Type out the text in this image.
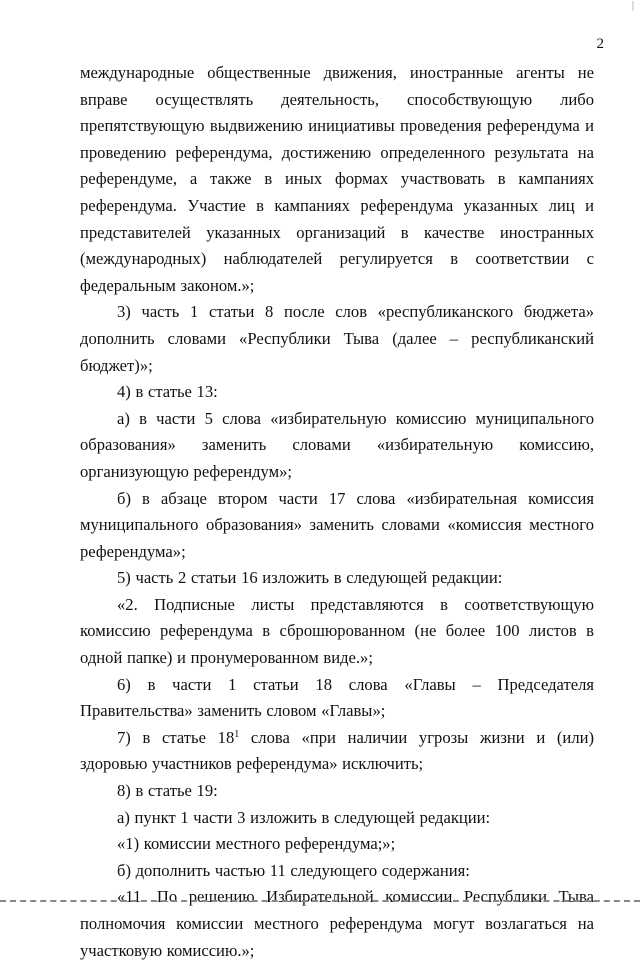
|
2

международные общественные движения, иностранные агенты не вправе осуществлять деятельность, способствующую либо препятствующую выдвижению инициативы проведения референдума и проведению референдума, достижению определенного результата на референдуме, а также в иных формах участвовать в кампаниях референдума. Участие в кампаниях референдума указанных лиц и представителей указанных организаций в качестве иностранных (международных) наблюдателей регулируется в соответствии с федеральным законом.»;

3) часть 1 статьи 8 после слов «республиканского бюджета» дополнить словами «Республики Тыва (далее – республиканский бюджет)»;

4) в статье 13:

а) в части 5 слова «избирательную комиссию муниципального образования» заменить словами «избирательную комиссию, организующую референдум»;

б) в абзаце втором части 17 слова «избирательная комиссия муниципального образования» заменить словами «комиссия местного референдума»;

5) часть 2 статьи 16 изложить в следующей редакции:

«2. Подписные листы представляются в соответствующую комиссию референдума в сброшюрованном (не более 100 листов в одной папке) и пронумерованном виде.»;

6) в части 1 статьи 18 слова «Главы – Председателя Правительства» заменить словом «Главы»;

7) в статье $18^1$ слова «при наличии угрозы жизни и (или) здоровью участников референдума» исключить;

8) в статье 19:

а) пункт 1 части 3 изложить в следующей редакции:

«1) комиссии местного референдума;»;

б) дополнить частью 11 следующего содержания:

«11. По решению Избирательной комиссии Республики Тыва полномочия комиссии местного референдума могут возлагаться на участковую комиссию.»;
